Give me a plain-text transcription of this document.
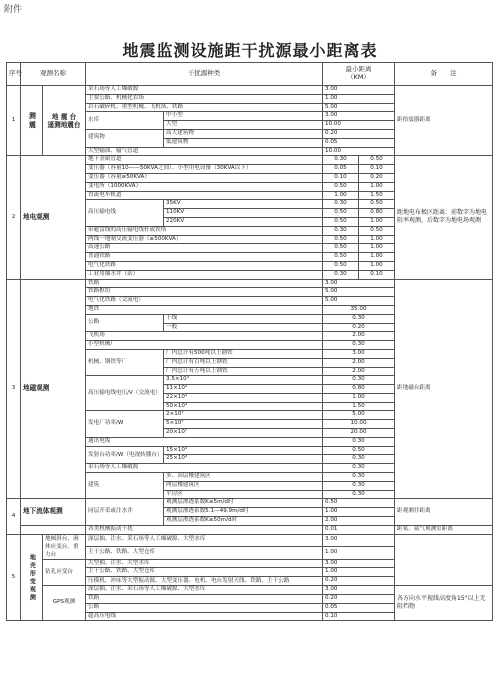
附件
地震监测设施距干扰源最小距离表
序号	观测名称		干扰源种类		最小距离
（KM）		备　　注
1	测震	地 震 台
遥测地震台	采石场等人工爆破源		3.00		距拾震器距离
			主要公路、机械化农场		1.00		
			岩石破碎机、重型机械、飞机场、铁路		5.00		
			水库	中小型	3.00		
				大型	10.00		
			建筑物	高大建筑物	0.20		
				低建筑物	0.05		
			大型输油、输气管道		10.00		
2	地电观测		地下金属管道		0.30	0.50	距地电布极区距离：前数字为地电阻率观测，后数字为地电场观测
			变压器（容量10——50KVA之间）、小型用电设备（30KVA以下）		0.05	0.10	
			变压器（容量≥50KVA）		0.10	0.20	
			变电所（1000KVA）		0.50	1.00	
			直流电车轨道		1.00	1.50	
			高压输电线	35KV	0.30	0.50	
				110KV	0.50	0.80	
				220KV	0.50	1.00	
			带避雷线的高压输电线杆或铁塔		0.30	0.50	
			两线一地制交流变压器（≥500KVA）		0.50	1.00	
			高速公路		0.50	1.00	
			普通铁路		0.50	1.00	
			电气化铁路		0.50	1.00	
			工业用抽水井（站）		0.30	0.10	
3	地磁观测		铁路		3.00		距地磁台距离
			铁路枢纽		5.00		
			电气化铁路（交流电）		5.00		
			地铁		35.00		
			公路	干线	0.30		
				一般	0.20		
			飞机场		2.00		
			小型机械厂		0.30		
			机械、钢铁等厂	厂内总计有500吨以上钢铁	3.00		
				厂内总计有百吨以上钢铁	2.00		
				厂内总计有万吨以上钢铁	2.00		
			高压输电线电压/V（交流电）	3.5×10⁴	0.30		
				11×10⁴	0.80		
				22×10⁴	1.00		
				50×10⁴	1.50		
			发电厂功率/W	2×10⁷	5.00		
				5×10⁷	10.00		
				20×10⁷	20.00		
			通讯电缆		0.30		
			发射台功率/W（电视转播台）	15×10⁴	0.50		
				25×10⁴	0.30		
			采石场等人工爆破源		0.30		
			建筑	多、高层楼建筑区	0.30		
				两层楼建筑区	0.30		
				平房区	0.30		
4	地下流体观测		同层开采或注水井	观测层渗透系数K≤5m/d时	0.50		距观测井距离
				观测层渗透系数5.1—49.9m/d时	1.00		
				观测层渗透系数K≥50m/d时	2.00		
			各类机械振动干扰		0.01		距氡、氦气观测室距离
5	地壳形变观测	地倾斜台、洞体应变台、重力台	深层抽、注水、采石场等人工爆破源、大型水库		3.00		
			主干公路、铁路、大型仓库		1.00		
		钻孔应变台	大型抽、注水、大型水库		3.00		
			主干公路、铁路、大型仓库		1.00		
			压模机、冲床等大型振动源、大型变压器、电机、电台发射天线、铁路、主干公路		0.20		
		GPS观测	深层抽、注水、采石场等人工爆破源、大型水库		3.00		各方向水平视线高度角15°以上无阻挡物
			铁路		0.20		
			公路		0.05		
			超高压电线		0.10		
